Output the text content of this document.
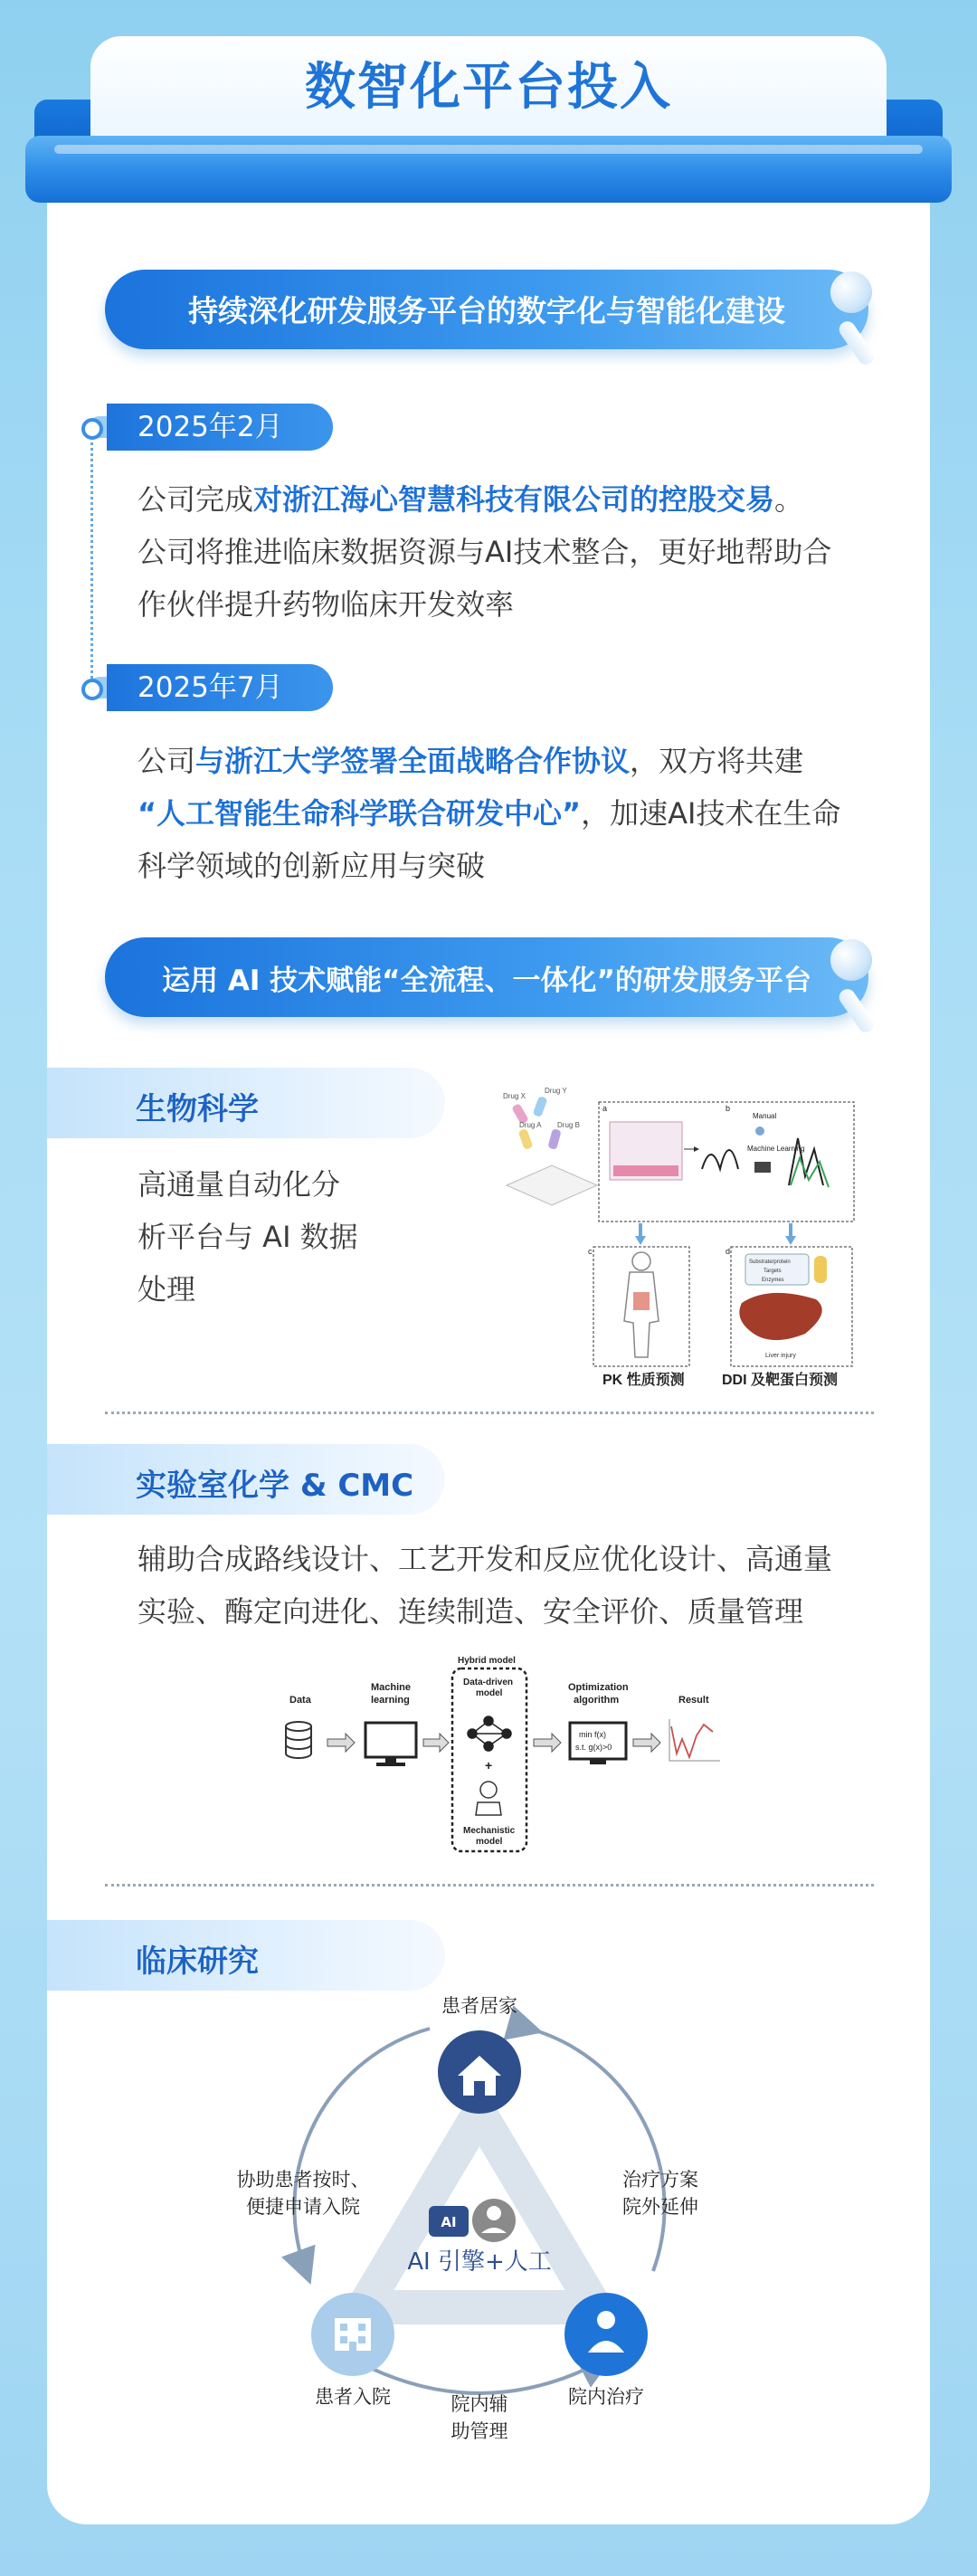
数智化平台投入
持续深化研发服务平台的数字化与智能化建设
2025年2月
公司完成对浙江海心智慧科技有限公司的控股交易。
公司将推进临床数据资源与AI技术整合，更好地帮助合
作伙伴提升药物临床开发效率
2025年7月
公司与浙江大学签署全面战略合作协议，双方将共建
“人工智能生命科学联合研发中心”，加速AI技术在生命
科学领域的创新应用与突破
运用 AI 技术赋能“全流程、一体化”的研发服务平台
生物科学
高通量自动化分
析平台与 AI 数据
处理
Drug X
Drug Y
Drug A Drug B
a	b
Manual
Machine Learning
c	d
Substrate/protein
Targets
Enzymes
Liver injury
PK 性质预测	DDI 及靶蛋白预测
实验室化学 & CMC
辅助合成路线设计、工艺开发和反应优化设计、高通量
实验、酶定向进化、连续制造、安全评价、质量管理
Data
Machine
learning
Hybrid model
Data-driven
model
+
Mechanistic
model
Optimization
algorithm
min f(x)
s.t. g(x)>0
Result
临床研究
患者居家
协助患者按时、
便捷申请入院
治疗方案
院外延伸
AI
AI 引擎+人工
患者入院	院内治疗
院内辅
助管理
